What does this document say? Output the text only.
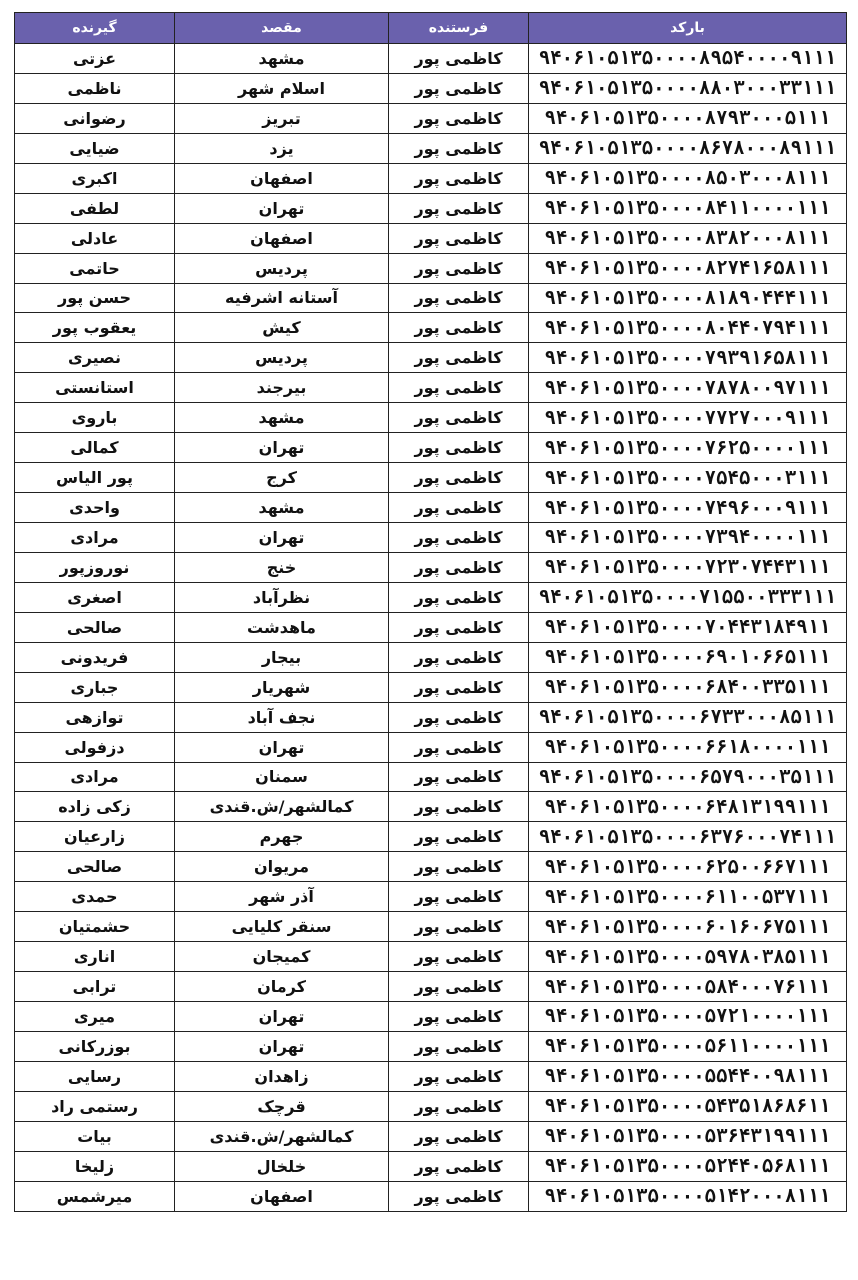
بارکد	فرستنده	مقصد	گیرنده
۹۴۰۶۱۰۵۱۳۵۰۰۰۰۸۹۵۴۰۰۰۰۹۱۱۱	کاظمی پور	مشهد	عزتی
۹۴۰۶۱۰۵۱۳۵۰۰۰۰۸۸۰۳۰۰۰۳۳۱۱۱	کاظمی پور	اسلام شهر	ناظمی
۹۴۰۶۱۰۵۱۳۵۰۰۰۰۸۷۹۳۰۰۰۵۱۱۱	کاظمی پور	تبریز	رضوانی
۹۴۰۶۱۰۵۱۳۵۰۰۰۰۸۶۷۸۰۰۰۸۹۱۱۱	کاظمی پور	یزد	ضیایی
۹۴۰۶۱۰۵۱۳۵۰۰۰۰۸۵۰۳۰۰۰۸۱۱۱	کاظمی پور	اصفهان	اکبری
۹۴۰۶۱۰۵۱۳۵۰۰۰۰۸۴۱۱۰۰۰۰۱۱۱	کاظمی پور	تهران	لطفی
۹۴۰۶۱۰۵۱۳۵۰۰۰۰۸۳۸۲۰۰۰۸۱۱۱	کاظمی پور	اصفهان	عادلی
۹۴۰۶۱۰۵۱۳۵۰۰۰۰۸۲۷۴۱۶۵۸۱۱۱	کاظمی پور	پردیس	حاتمی
۹۴۰۶۱۰۵۱۳۵۰۰۰۰۸۱۸۹۰۴۴۴۱۱۱	کاظمی پور	آستانه اشرفیه	حسن پور
۹۴۰۶۱۰۵۱۳۵۰۰۰۰۸۰۴۴۰۷۹۴۱۱۱	کاظمی پور	کیش	یعقوب پور
۹۴۰۶۱۰۵۱۳۵۰۰۰۰۷۹۳۹۱۶۵۸۱۱۱	کاظمی پور	پردیس	نصیری
۹۴۰۶۱۰۵۱۳۵۰۰۰۰۷۸۷۸۰۰۹۷۱۱۱	کاظمی پور	بیرجند	استانستی
۹۴۰۶۱۰۵۱۳۵۰۰۰۰۷۷۲۷۰۰۰۹۱۱۱	کاظمی پور	مشهد	باروی
۹۴۰۶۱۰۵۱۳۵۰۰۰۰۷۶۲۵۰۰۰۰۱۱۱	کاظمی پور	تهران	کمالی
۹۴۰۶۱۰۵۱۳۵۰۰۰۰۷۵۴۵۰۰۰۳۱۱۱	کاظمی پور	کرج	پور الیاس
۹۴۰۶۱۰۵۱۳۵۰۰۰۰۷۴۹۶۰۰۰۹۱۱۱	کاظمی پور	مشهد	واحدی
۹۴۰۶۱۰۵۱۳۵۰۰۰۰۷۳۹۴۰۰۰۰۱۱۱	کاظمی پور	تهران	مرادی
۹۴۰۶۱۰۵۱۳۵۰۰۰۰۷۲۳۰۷۴۴۳۱۱۱	کاظمی پور	خنج	نوروزپور
۹۴۰۶۱۰۵۱۳۵۰۰۰۰۷۱۵۵۰۰۳۳۳۱۱۱	کاظمی پور	نظرآباد	اصغری
۹۴۰۶۱۰۵۱۳۵۰۰۰۰۷۰۴۴۳۱۸۴۹۱۱	کاظمی پور	ماهدشت	صالحی
۹۴۰۶۱۰۵۱۳۵۰۰۰۰۶۹۰۱۰۶۶۵۱۱۱	کاظمی پور	بیجار	فریدونی
۹۴۰۶۱۰۵۱۳۵۰۰۰۰۶۸۴۰۰۳۳۵۱۱۱	کاظمی پور	شهریار	جباری
۹۴۰۶۱۰۵۱۳۵۰۰۰۰۶۷۳۳۰۰۰۸۵۱۱۱	کاظمی پور	نجف آباد	توازهی
۹۴۰۶۱۰۵۱۳۵۰۰۰۰۶۶۱۸۰۰۰۰۱۱۱	کاظمی پور	تهران	دزفولی
۹۴۰۶۱۰۵۱۳۵۰۰۰۰۶۵۷۹۰۰۰۳۵۱۱۱	کاظمی پور	سمنان	مرادی
۹۴۰۶۱۰۵۱۳۵۰۰۰۰۶۴۸۱۳۱۹۹۱۱۱	کاظمی پور	کمالشهر/ش.قندی	زکی زاده
۹۴۰۶۱۰۵۱۳۵۰۰۰۰۶۳۷۶۰۰۰۷۴۱۱۱	کاظمی پور	جهرم	زارعیان
۹۴۰۶۱۰۵۱۳۵۰۰۰۰۶۲۵۰۰۶۶۷۱۱۱	کاظمی پور	مریوان	صالحی
۹۴۰۶۱۰۵۱۳۵۰۰۰۰۶۱۱۰۰۵۳۷۱۱۱	کاظمی پور	آذر شهر	حمدی
۹۴۰۶۱۰۵۱۳۵۰۰۰۰۶۰۱۶۰۶۷۵۱۱۱	کاظمی پور	سنقر کلیایی	حشمتیان
۹۴۰۶۱۰۵۱۳۵۰۰۰۰۵۹۷۸۰۳۸۵۱۱۱	کاظمی پور	کمیجان	اناری
۹۴۰۶۱۰۵۱۳۵۰۰۰۰۵۸۴۰۰۰۷۶۱۱۱	کاظمی پور	کرمان	ترابی
۹۴۰۶۱۰۵۱۳۵۰۰۰۰۵۷۲۱۰۰۰۰۱۱۱	کاظمی پور	تهران	میری
۹۴۰۶۱۰۵۱۳۵۰۰۰۰۵۶۱۱۰۰۰۰۱۱۱	کاظمی پور	تهران	بوزرکانی
۹۴۰۶۱۰۵۱۳۵۰۰۰۰۵۵۴۴۰۰۹۸۱۱۱	کاظمی پور	زاهدان	رسایی
۹۴۰۶۱۰۵۱۳۵۰۰۰۰۵۴۳۵۱۸۶۸۶۱۱	کاظمی پور	قرچک	رستمی راد
۹۴۰۶۱۰۵۱۳۵۰۰۰۰۵۳۶۴۳۱۹۹۱۱۱	کاظمی پور	کمالشهر/ش.قندی	بیات
۹۴۰۶۱۰۵۱۳۵۰۰۰۰۵۲۴۴۰۵۶۸۱۱۱	کاظمی پور	خلخال	زلیخا
۹۴۰۶۱۰۵۱۳۵۰۰۰۰۵۱۴۲۰۰۰۸۱۱۱	کاظمی پور	اصفهان	میرشمس
